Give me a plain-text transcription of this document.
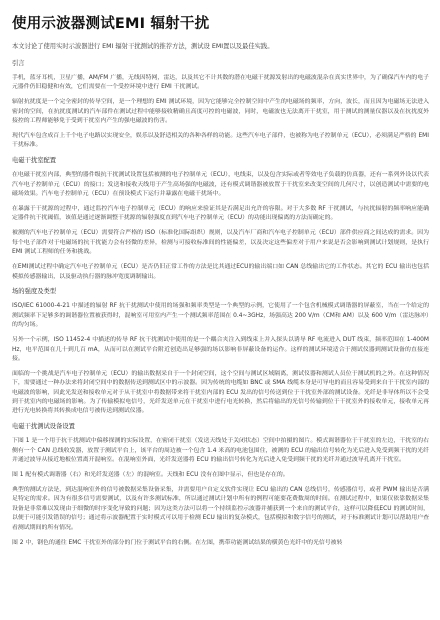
使用示波器测试EMI 辐射干扰
本文讨论了使用实时示波器进行 EMI 辐射干扰测试的推荐方法，测试设 EMI置以及最佳实践。
引言
手机，蓝牙耳机，卫星广播，AM/FM 广播，无线因特网，雷达，以及其它不计其数的潜在电磁干扰源发射出的电磁波混杂在真实世界中，为了确保汽车内的电子元器件仍旧稳健和有效，它们需要在一个受控环境中进行 EMI 干扰测试。
辐射抗扰度是一个完全密封的传导空间，是一个理想的 EMI 测试环境，因为它能够完全控制空间中产生的电磁场的频率，方向，波长，而且因为电磁场无法进入密封的空间，在抗扰度测试的汽车部件在测试过程中能够接收精确且高度可控的电磁波，同时，电磁波也无法离开干扰室，用于测试的测量仪器以及在抗扰度外接控的工程师能够免于受到干扰室内产生的强电磁波的伤害。
现代汽车包含成百上千个电子电路以实现安全，娱乐以及舒适相关的各种各样的功能。这些汽车电子部件，也被称为电子控制单元（ECU），必须满足严格的 EMI 干扰标准。
电磁干扰室配置
在电磁干扰室内部，典型的器件级抗干扰测试设置包括被测的电子控制单元（ECU），电线束，以及包含实际或者等效电子负载的仿真器，还有一系列外设以代表汽车电子控制单元（ECU）的接口；发送和接收天线用于产生高场强的电磁波，还有模式调谐器被放置于干扰室来改变空间的几何尺寸，以创造测试中需要的电磁场效果。汽车电子控制单元（ECU）在预设模式下运行并暴露在电磁干扰场中。
在暴露于干扰源的过程中，通过监控汽车电子控制单元（ECU）的响应来验证其是否满足出允许的容限。对于大多数 RF 干扰测试，与抗扰辐射的频率响应能确定器件抗干扰阈值，该值是通过逐渐调整干扰源的辐射强度直到汽车电子控制单元（ECU）的功能出现偏离的方法而确定的。
被测的汽车电子控制单元（ECU）需要符合严格的 ISO（标准化国际组织）规则，以及汽车厂商和汽车电子控制单元（ECU）部件供应商之间达成的需求。因为每个电子部件对于电磁场的抗干扰能力会有轻微的差异，检测与可接收标准间的性能偏差，以及决定这些偏差对于用户来说是否会影响到测试计划规则，是执行 EMI 测试工程师的任务和挑战。
在EMI测试过程中确定汽车电子控制单元（ECU）是否仍旧正常工作的方法是比其通过ECU的输出端口如 CAN 总线输出它的工作状态。其它的 ECU 输出也包括模拟传感器输出，以及驱动执行器的脉冲宽度调制输出。
场的强度及类型
ISO/IEC 61000-4-21 中描述的辐射 RF 抗干扰测试中使用的场强和频率类型是一个典型的示例，它使用了一个包含机械模式调谐器的屏蔽室，当在一个给定的测试频率下足够多的调谐器位置被获得时，混响室可用室内产生一个测试频率范围在 0.4~3GHz，场强高达 200 V/m（CM和 AM）以及 600 V/m（雷达脉冲）的均匀场。
另外一个示例，ISO 11452-4 中描述的传导 RF 抗干扰测试中使用的是一个耦合夹注入到线束上并入探头以诱导 RF 电流进入 DUT 线束，频率范围在 1-400MHz，电平范围在几十到几百 mA，从而可以在测试平台附近创造出足够强的场以影响非屏蔽设备的运作。这样的测试环境适合于测试仪器到测试设备的直接连接。
面临的一个挑战是汽车电子控制单元（ECU）的输出数据采自于一个封闭空间，这个空间与测试区域隔离，测试仪器和测试人员位于测试机的之外。在这种情况下，需要通过一种办法来将封闭空间中的数据传送到测试区中的示波器。因为传统的电缆如 BNC 或 SMA 线缆本身是可导电的而且容易受到来自于干扰室内部的电磁波的影响，因此光发送和接收单元对于从干扰室中将数据带来将干扰室内部的 ECU 发出的信号传送到位于干扰室外部的测试设备。光纤是非导体所以不会受到干扰室内的电磁场的影响。为了传输模拟电信号，光纤发送单元在干扰室中进行电光转换，然后将输出的光信号传输到位于干扰室外的接收单元，接收单元再进行光电转换将其转换成电信号被传送到测试仪器。
电磁干扰测试设备设置
下图 1 是一个用于抗干扰测试中偏移探测的实际设置，在密闭干扰室（发送天线处于关闭状态）空间中拍摄的图片。模式调谐器位于干扰室的左边，干扰室的右侧有一个 CAN 总线收发器，放置于测试平台上，该平台的周边被一个包含 1.4 米高的电池包围住，被测的 ECU 的输出信号转化为光后进入免受到频干扰的光纤并通过波导从接近地板位置离开混响室。在混响室外面，光纤发送器将 ECU 的输出信号转化为光后进入免受到频干扰的光纤并通过波导孔离开干扰室。
图 1 配有模式调谐器（右）和光纤发送器（左）的混响室。天线和 ECU 没有在图中显示，但也是存在的。
典型的测试方法是，到达混响室外的信号被数据采集设备采集，并需要用户自定义软件实现让 ECU 输出的 CAN 总线信号，传感器信号，或者 PWM 输出是否满足特定的需求。因为有很多信号需要测试，以及有许多测试标准，所以通过测试计划中所有的例程可能要花费数周的时间。在测试过程中，如果仅依靠数据采集设备是非常难以发现由于细微的时序变化导致的问题；因为这类方法可以将一个持续监控示波器并捕获到一个来自的测试平台，这样可以降低ECU 的测试时间，以便于可能引发错误的信号；通过将示波器配置于实时模式可以用于检测 ECU 输出的复杂模式，包括模拟和数字信号的测试，对于标准测试计划可以帮助用户查看测试期间的所有情况。
图 2 中，钢色的通往 EMC 干扰室外的部分的门位于测试平台的右侧。在左图，携带功能测试结果的横黄色光纤中的光信号被转
